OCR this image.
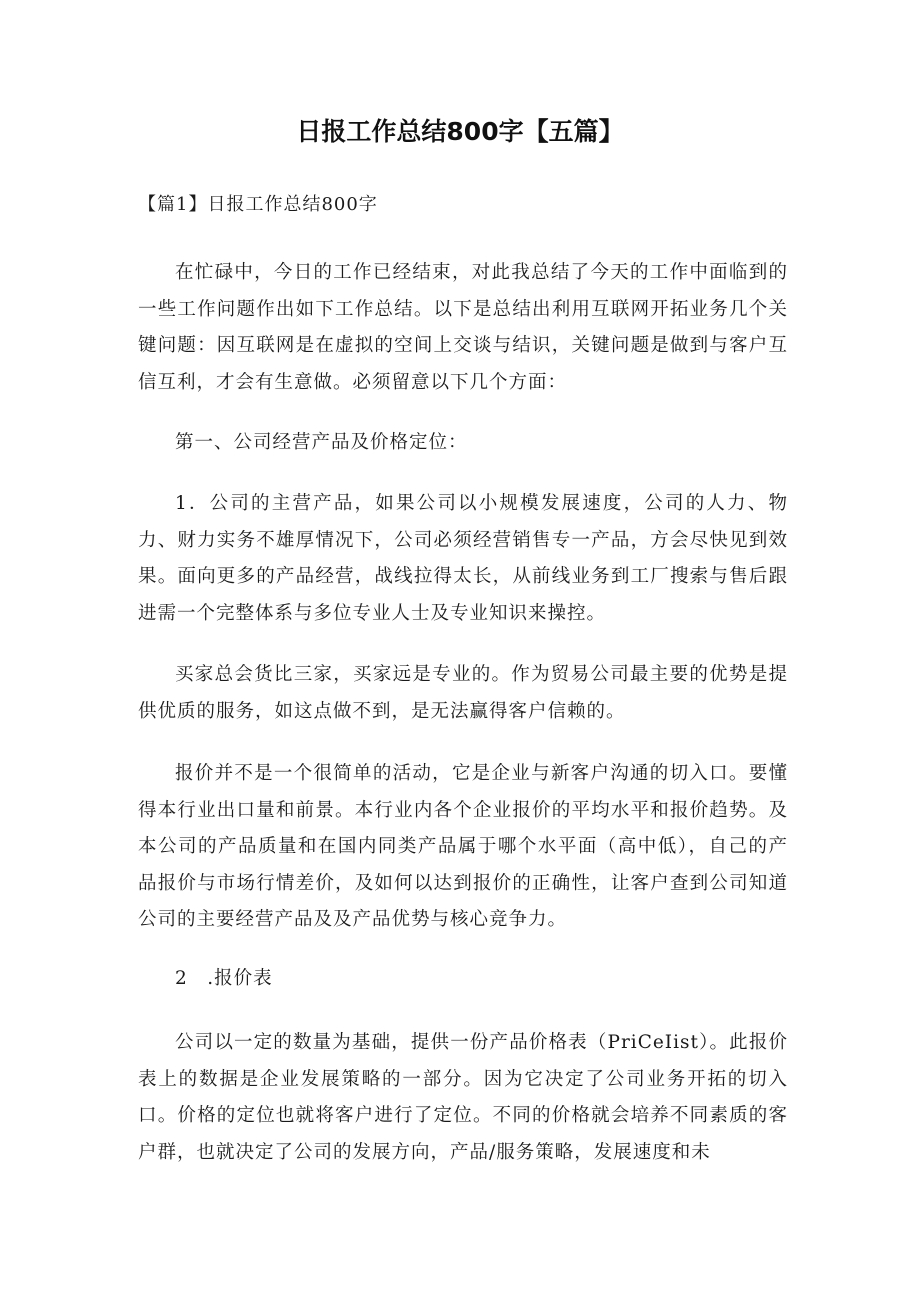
日报工作总结800字【五篇】
【篇1】日报工作总结800字
在忙碌中，今日的工作已经结束，对此我总结了今天的工作中面临到的一些工作问题作出如下工作总结。以下是总结出利用互联网开拓业务几个关键问题：因互联网是在虚拟的空间上交谈与结识，关键问题是做到与客户互信互利，才会有生意做。必须留意以下几个方面：
第一、公司经营产品及价格定位：
1．公司的主营产品，如果公司以小规模发展速度，公司的人力、物力、财力实务不雄厚情况下，公司必须经营销售专一产品，方会尽快见到效果。面向更多的产品经营，战线拉得太长，从前线业务到工厂搜索与售后跟进需一个完整体系与多位专业人士及专业知识来操控。
买家总会货比三家，买家远是专业的。作为贸易公司最主要的优势是提供优质的服务，如这点做不到，是无法赢得客户信赖的。
报价并不是一个很简单的活动，它是企业与新客户沟通的切入口。要懂得本行业出口量和前景。本行业内各个企业报价的平均水平和报价趋势。及本公司的产品质量和在国内同类产品属于哪个水平面（高中低），自己的产品报价与市场行情差价，及如何以达到报价的正确性，让客户查到公司知道公司的主要经营产品及及产品优势与核心竞争力。
2　.报价表
公司以一定的数量为基础，提供一份产品价格表（PriCeIist）。此报价表上的数据是企业发展策略的一部分。因为它决定了公司业务开拓的切入口。价格的定位也就将客户进行了定位。不同的价格就会培养不同素质的客户群，也就决定了公司的发展方向，产品/服务策略，发展速度和未
